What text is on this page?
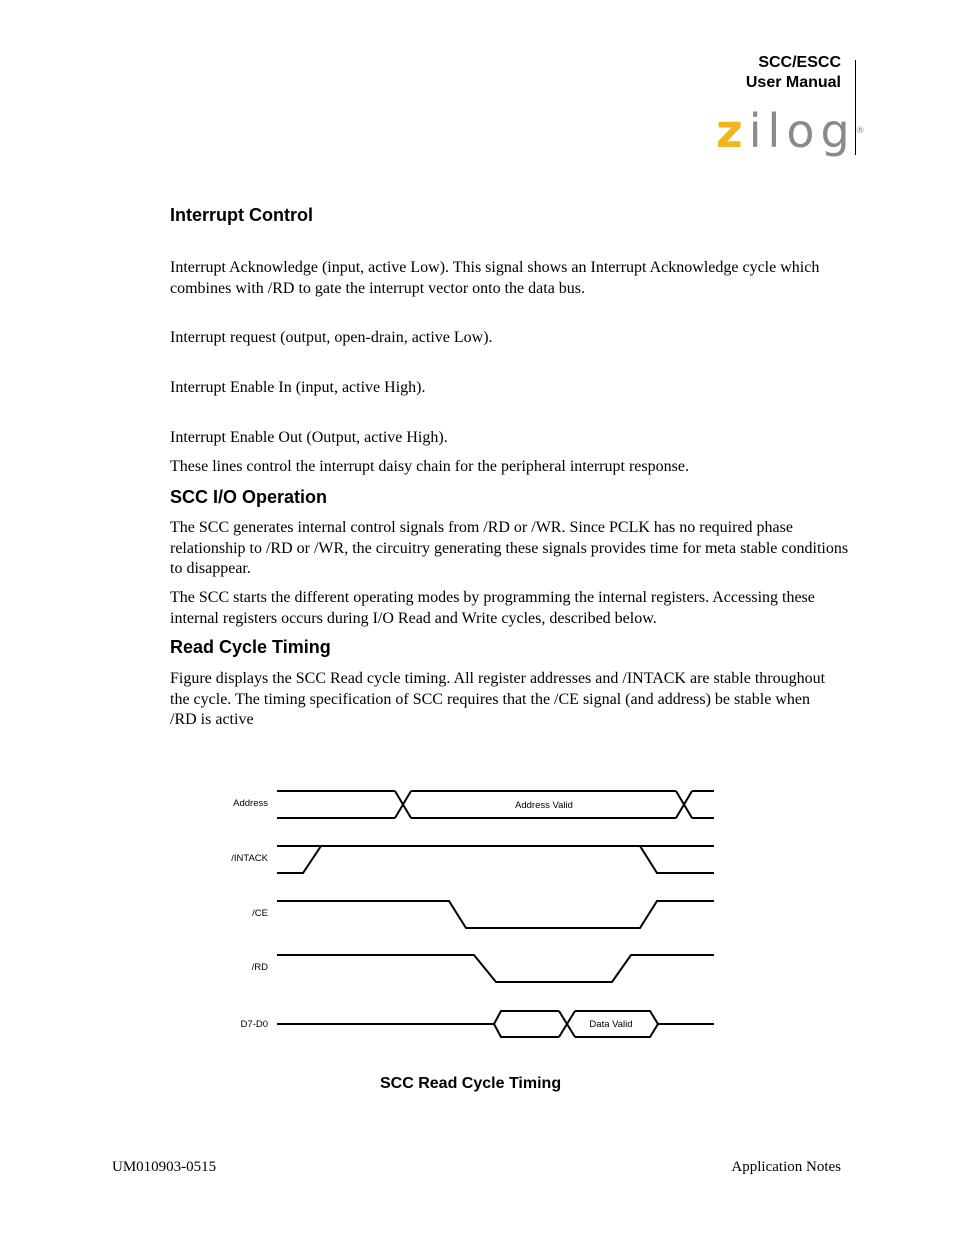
SCC/ESCC
User Manual
zilog®
Interrupt Control
Interrupt Acknowledge (input, active Low). This signal shows an Interrupt Acknowledge cycle which combines with /RD to gate the interrupt vector onto the data bus.
Interrupt request (output, open-drain, active Low).
Interrupt Enable In (input, active High).
Interrupt Enable Out (Output, active High).
These lines control the interrupt daisy chain for the peripheral interrupt response.
SCC I/O Operation
The SCC generates internal control signals from /RD or /WR. Since PCLK has no required phase relationship to /RD or /WR, the circuitry generating these signals provides time for meta stable conditions to disappear.
The SCC starts the different operating modes by programming the internal registers. Accessing these internal registers occurs during I/O Read and Write cycles, described below.
Read Cycle Timing
Figure displays the SCC Read cycle timing. All register addresses and /INTACK are stable throughout the cycle. The timing specification of SCC requires that the /CE signal (and address) be stable when /RD is active
Address
/INTACK
/CE
/RD
D7-D0
Address Valid
Data Valid
SCC Read Cycle Timing
UM010903-0515	Application Notes
